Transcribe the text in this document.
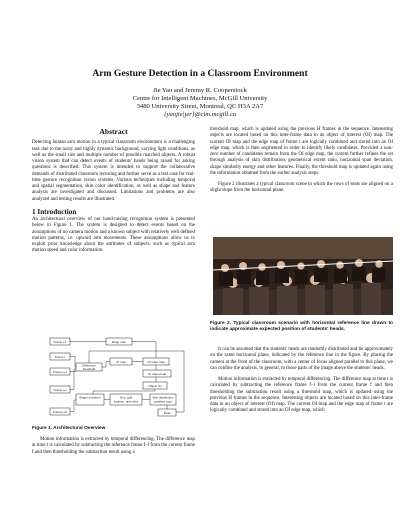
Arm Gesture Detection in a Classroom Environment
Jie Yao and Jeremy R. Cooperstock
Centre for Intelligent Machines, McGill University
3480 University Street, Montreal, QC H3A 2A7
{yaojie|jer}@cim.mcgill.ca
Abstract

Detecting human arm motion in a typical classroom environment is a challenging task due to the noisy and highly dynamic background, varying light conditions, as well as the small size and multiple number of possible matched objects. A robust vision system that can detect events of students' hands being raised for asking questions is described. This system is intended to support the collaborative demands of distributed classroom lecturing and further serve as a test case for real-time gesture recognition vision systems. Various techniques including temporal and spatial segmentation, skin color identification, as well as shape and feature analysis are investigated and discussed. Limitations and problems are also analyzed and testing results are illustrated.

1 Introduction

An architectural overview of our hand-raising recognition system is presented below in Figure 1. The system is designed to detect events based on the assumptions of no camera motion and a known subject with relatively well defined motion patterns, i.e. upward arm movements. These assumptions allow us to exploit prior knowledge about the attributes of subjects, such as typical arm motion speed and color information.

Frame t-1
Frame t
Frame t+1
Frame t+l
Frame t+H
Edge map
Difference
threshold
OI map	OI edge map
OI map erode
Object (s)
Shape & feature	Geo. grid
location, and rules
Skin distribution
gradient map
Final
Figure 1. Architectural Overview

Motion information is extracted by temporal differencing. The difference map at time t is calculated by subtracting the reference frame f–l from the current frame f and then thresholding the subtraction result using a

threshold map, which is updated using the previous H frames in the sequence. Interesting objects are located based on this inter-frame data in an object of interest (OI) map. The current OI map and the edge map of frame t are logically combined and stored into an OI edge map, which is then segmented in order to identify likely candidates. Provided a non-zero number of candidates remain from the OI edge map, the system further refines the set through analysis of skin distribution, geometrical extent ratio, horizontal span deviation, shape similarity energy and other features. Finally, the threshold map is updated again using the information obtained from the earlier analysis steps.

Figure 2 illustrates a typical classroom scene in which the rows of seats are aligned on a slight slope from the horizontal plane.

Figure 2. Typical classroom scenario with horizontal reference line drawn to indicate approximate expected position of students' heads.

It can be assumed that the students' heads are randomly distributed and lie approximately on the same horizontal plane, indicated by the reference line in the figure. By placing the camera at the front of the classroom, with a center of focus aligned parallel to this plane, we can confine the analysis, in general, to those parts of the image above the students' heads.

Motion information is extracted by temporal differencing. The difference map at time t is calculated by subtracting the reference frame f–l from the current frame f and then thresholding the subtraction result using a threshold map, which is updated using the previous H frames in the sequence. Interesting objects are located based on this inter-frame data in an object of interest (OI) map. The current OI map and the edge map of frame t are logically combined and stored into an OI edge map, which
